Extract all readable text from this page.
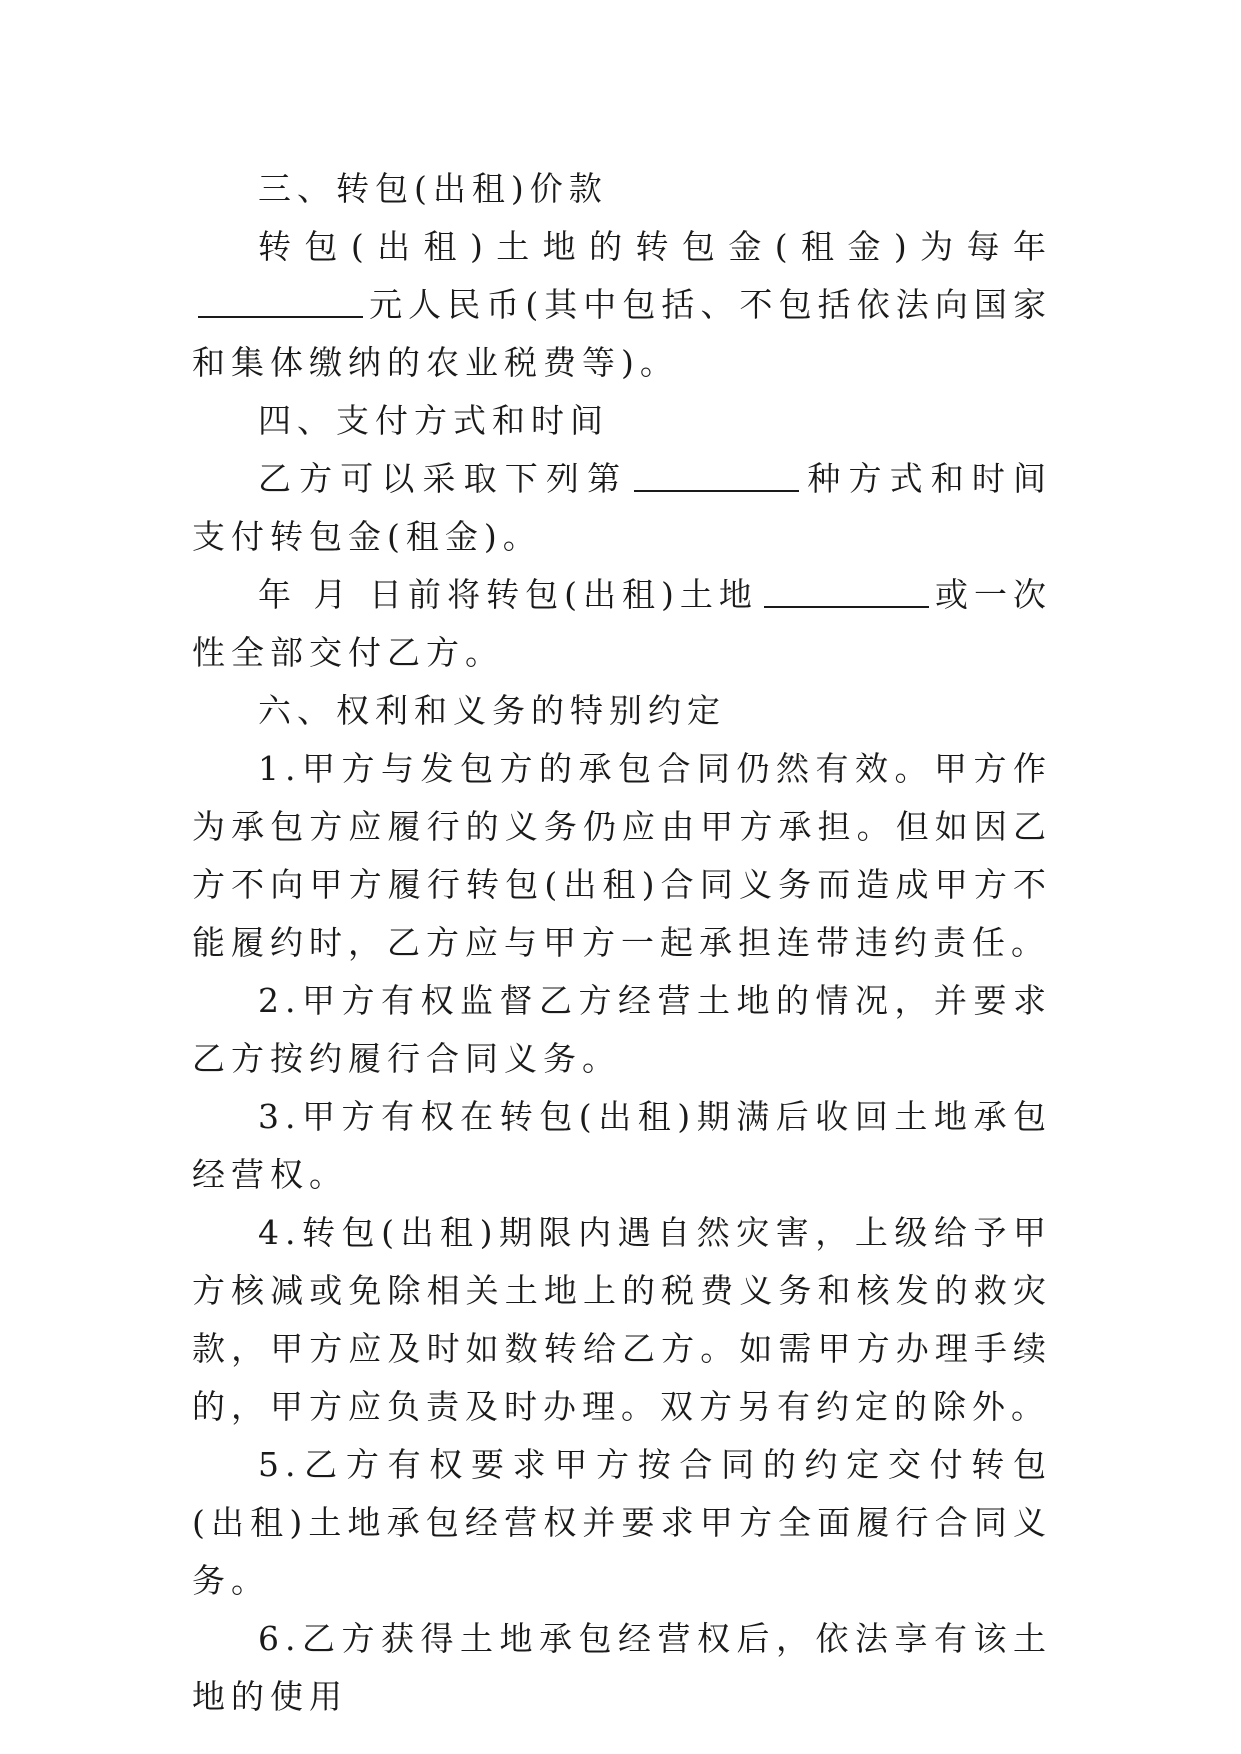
三、转包(出租)价款

转包(出租)土地的转包金(租金)为每年元人民币(其中包括、不包括依法向国家和集体缴纳的农业税费等)。

四、支付方式和时间

乙方可以采取下列第	种方式和时间支付转包金(租金)。

年 月 日前将转包(出租)土地	或一次性全部交付乙方。

六、权利和义务的特别约定

1.甲方与发包方的承包合同仍然有效。甲方作为承包方应履行的义务仍应由甲方承担。但如因乙方不向甲方履行转包(出租)合同义务而造成甲方不能履约时，乙方应与甲方一起承担连带违约责任。

2.甲方有权监督乙方经营土地的情况，并要求乙方按约履行合同义务。

3.甲方有权在转包(出租)期满后收回土地承包经营权。

4.转包(出租)期限内遇自然灾害，上级给予甲方核减或免除相关土地上的税费义务和核发的救灾款，甲方应及时如数转给乙方。如需甲方办理手续的，甲方应负责及时办理。双方另有约定的除外。

5.乙方有权要求甲方按合同的约定交付转包(出租)土地承包经营权并要求甲方全面履行合同义务。

6.乙方获得土地承包经营权后，依法享有该土地的使用
